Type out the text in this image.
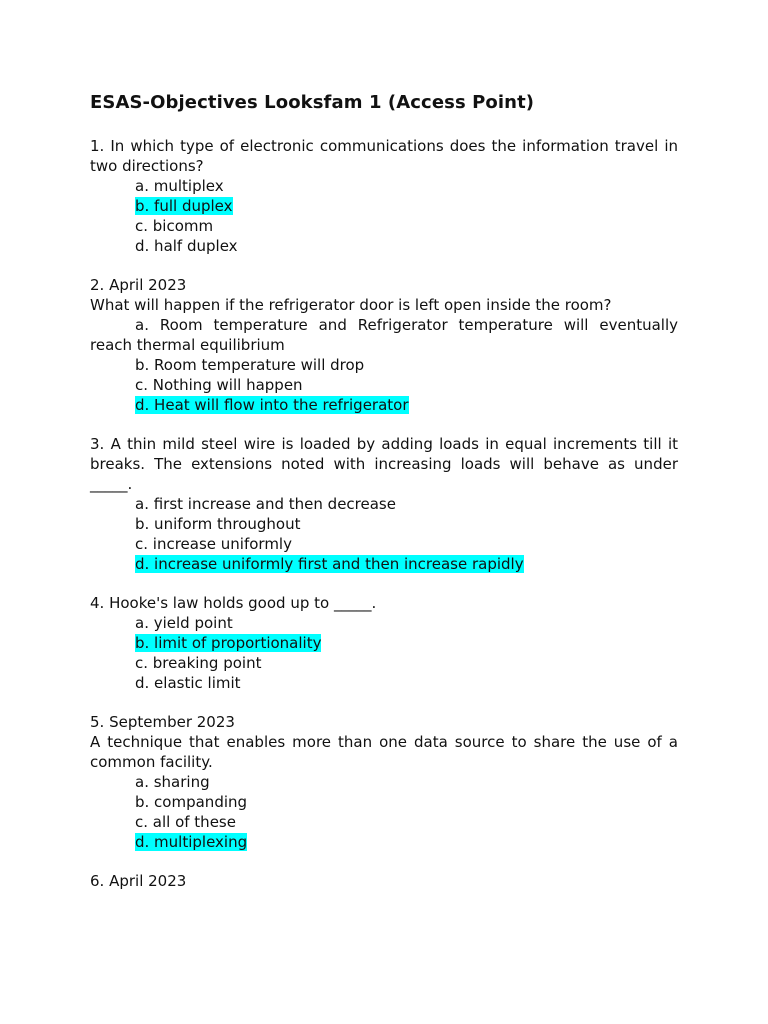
ESAS-Objectives Looksfam 1 (Access Point)

1. In which type of electronic communications does the information travel in two directions?

a. multiplex
b. full duplex
c. bicomm
d. half duplex

2. April 2023

What will happen if the refrigerator door is left open inside the room?

a. Room temperature and Refrigerator temperature will eventually reach thermal equilibrium
b. Room temperature will drop
c. Nothing will happen
d. Heat will flow into the refrigerator

3. A thin mild steel wire is loaded by adding loads in equal increments till it breaks. The extensions noted with increasing loads will behave as under _____.

a. first increase and then decrease
b. uniform throughout
c. increase uniformly
d. increase uniformly first and then increase rapidly

4. Hooke's law holds good up to _____.

a. yield point
b. limit of proportionality
c. breaking point
d. elastic limit

5. September 2023

A technique that enables more than one data source to share the use of a common facility.

a. sharing
b. companding
c. all of these
d. multiplexing

6. April 2023
